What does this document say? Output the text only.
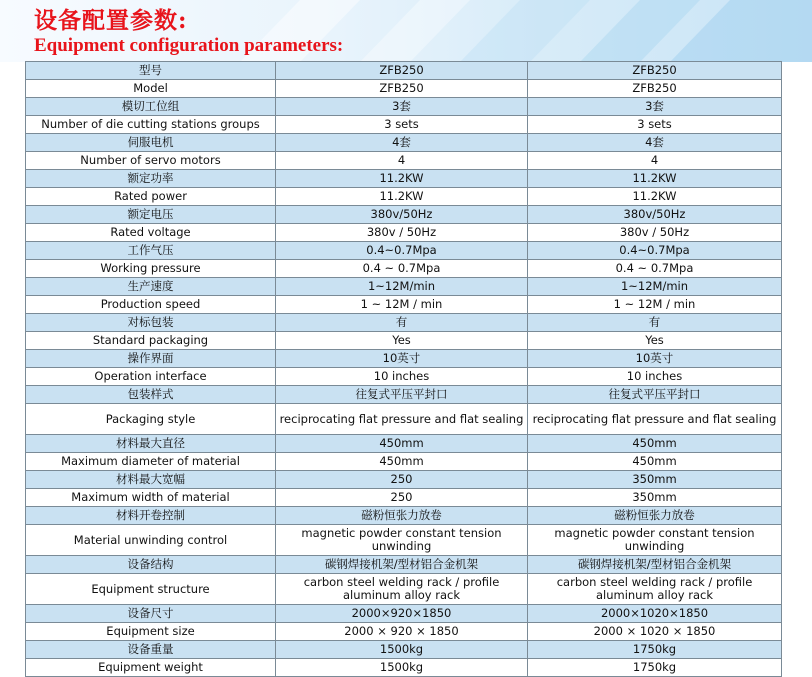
设备配置参数:

Equipment configuration parameters:

型号	ZFB250	ZFB250
Model	ZFB250	ZFB250
模切工位组	3套	3套
Number of die cutting stations groups	3 sets	3 sets
伺服电机	4套	4套
Number of servo motors	4	4
额定功率	11.2KW	11.2KW
Rated power	11.2KW	11.2KW
额定电压	380v/50Hz	380v/50Hz
Rated voltage	380v / 50Hz	380v / 50Hz
工作气压	0.4~0.7Mpa	0.4~0.7Mpa
Working pressure	0.4 ~ 0.7Mpa	0.4 ~ 0.7Mpa
生产速度	1~12M/min	1~12M/min
Production speed	1 ~ 12M / min	1 ~ 12M / min
对标包装	有	有
Standard packaging	Yes	Yes
操作界面	10英寸	10英寸
Operation interface	10 inches	10 inches
包装样式	往复式平压平封口	往复式平压平封口
Packaging style	reciprocating flat pressure and flat sealing	reciprocating flat pressure and flat sealing
材料最大直径	450mm	450mm
Maximum diameter of material	450mm	450mm
材料最大宽幅	250	350mm
Maximum width of material	250	350mm
材料开卷控制	磁粉恒张力放卷	磁粉恒张力放卷
Material unwinding control	magnetic powder constant tension unwinding	magnetic powder constant tension unwinding
设备结构	碳钢焊接机架/型材铝合金机架	碳钢焊接机架/型材铝合金机架
Equipment structure	carbon steel welding rack / profile aluminum alloy rack	carbon steel welding rack / profile aluminum alloy rack
设备尺寸	2000×920×1850	2000×1020×1850
Equipment size	2000 × 920 × 1850	2000 × 1020 × 1850
设备重量	1500kg	1750kg
Equipment weight	1500kg	1750kg
